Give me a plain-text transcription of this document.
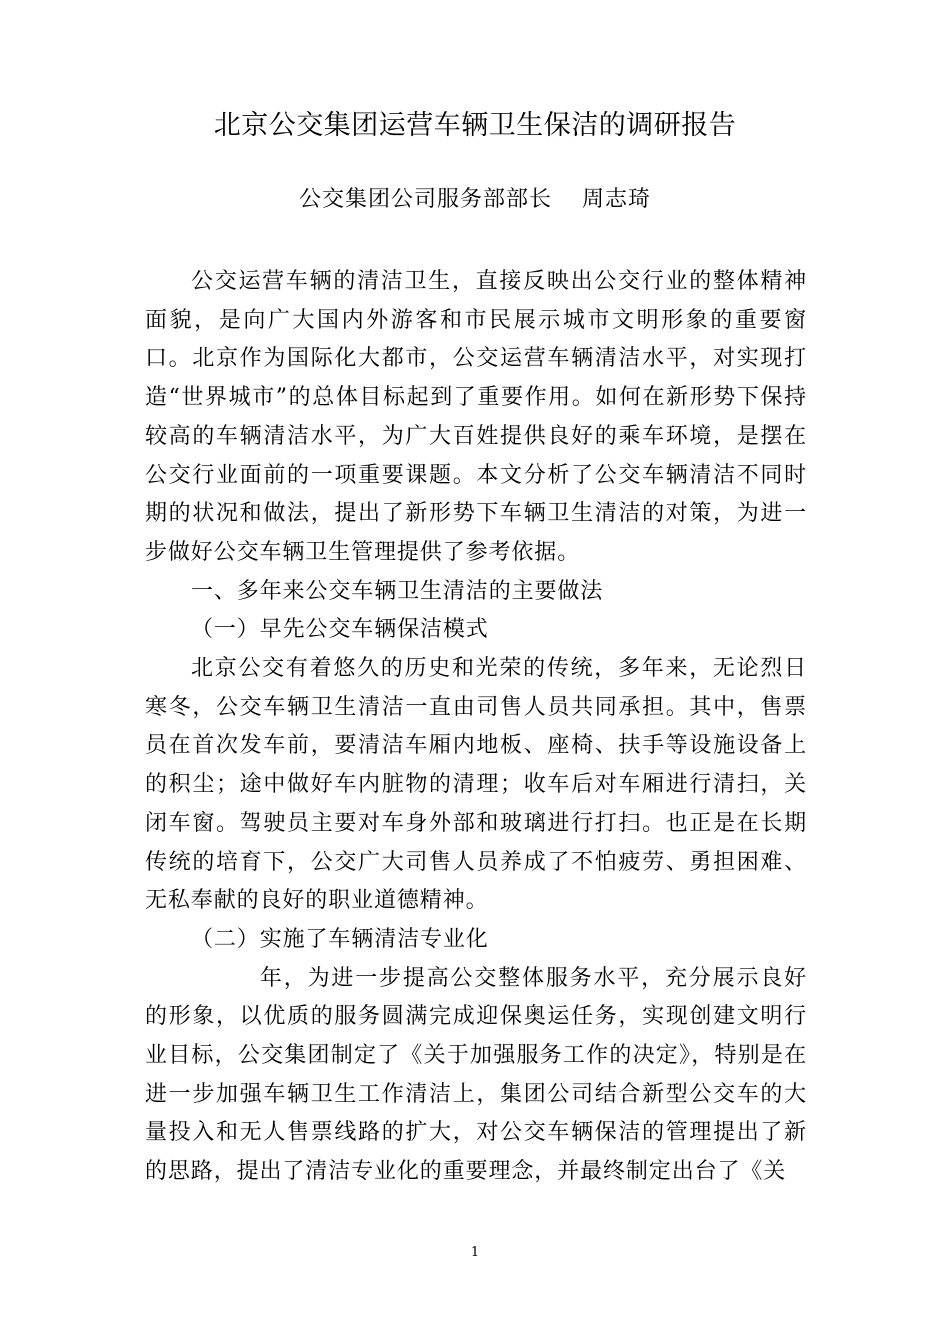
北京公交集团运营车辆卫生保洁的调研报告
公交集团公司服务部部长 周志琦

公交运营车辆的清洁卫生，直接反映出公交行业的整体精神面貌，是向广大国内外游客和市民展示城市文明形象的重要窗口。北京作为国际化大都市，公交运营车辆清洁水平，对实现打造“世界城市”的总体目标起到了重要作用。如何在新形势下保持较高的车辆清洁水平，为广大百姓提供良好的乘车环境，是摆在公交行业面前的一项重要课题。本文分析了公交车辆清洁不同时期的状况和做法，提出了新形势下车辆卫生清洁的对策，为进一步做好公交车辆卫生管理提供了参考依据。

一、多年来公交车辆卫生清洁的主要做法

（一）早先公交车辆保洁模式

北京公交有着悠久的历史和光荣的传统，多年来，无论烈日寒冬，公交车辆卫生清洁一直由司售人员共同承担。其中，售票员在首次发车前，要清洁车厢内地板、座椅、扶手等设施设备上的积尘；途中做好车内脏物的清理；收车后对车厢进行清扫，关闭车窗。驾驶员主要对车身外部和玻璃进行打扫。也正是在长期传统的培育下，公交广大司售人员养成了不怕疲劳、勇担困难、无私奉献的良好的职业道德精神。

（二）实施了车辆清洁专业化

年，为进一步提高公交整体服务水平，充分展示良好的形象，以优质的服务圆满完成迎保奥运任务，实现创建文明行业目标，公交集团制定了《关于加强服务工作的决定》，特别是在进一步加强车辆卫生工作清洁上，集团公司结合新型公交车的大量投入和无人售票线路的扩大，对公交车辆保洁的管理提出了新的思路，提出了清洁专业化的重要理念，并最终制定出台了《关

1
